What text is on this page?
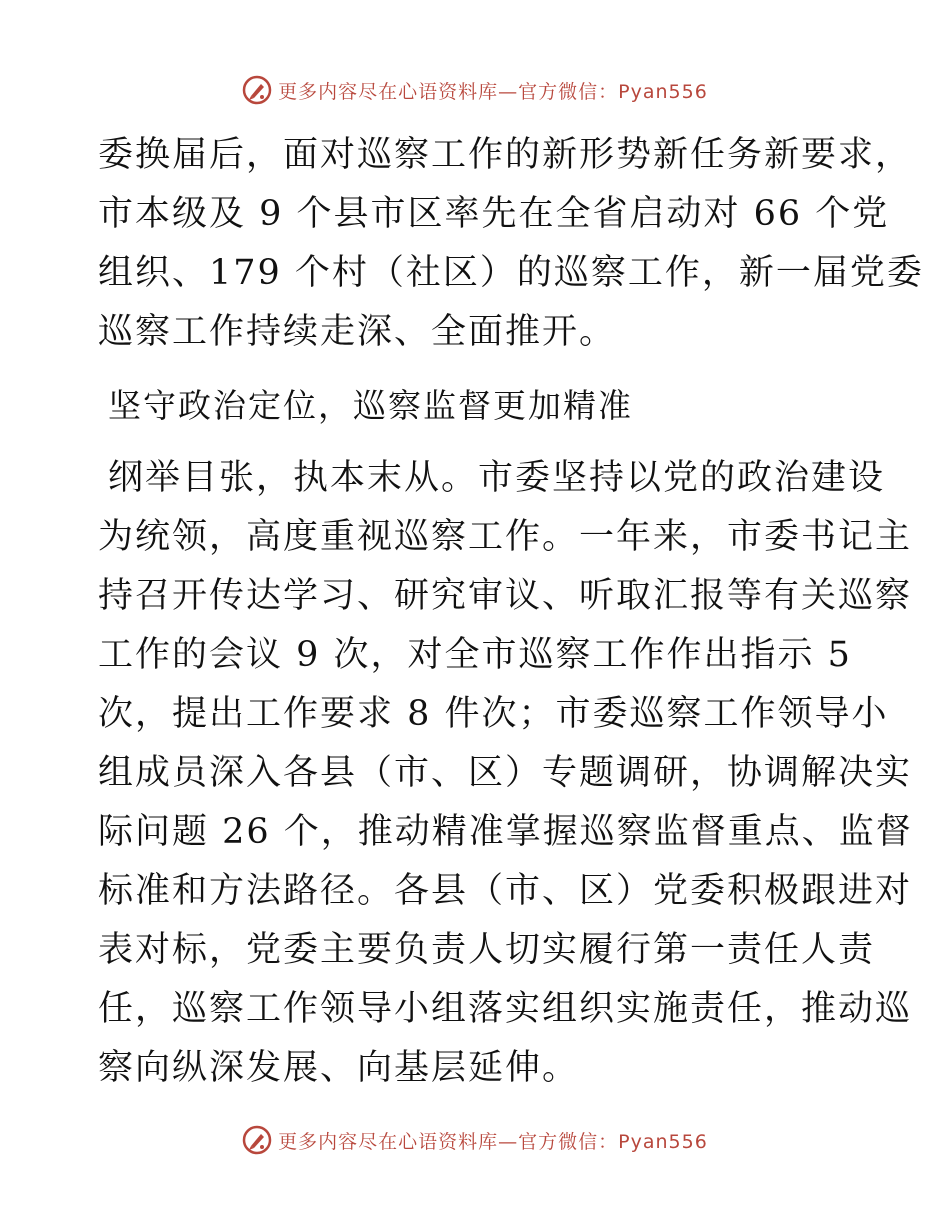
更多内容尽在心语资料库—官方微信：Pyan556
委换届后，面对巡察工作的新形势新任务新要求，
市本级及 9 个县市区率先在全省启动对 66 个党
组织、179 个村（社区）的巡察工作，新一届党委
巡察工作持续走深、全面推开。
坚守政治定位，巡察监督更加精准
纲举目张，执本末从。市委坚持以党的政治建设
为统领，高度重视巡察工作。一年来，市委书记主
持召开传达学习、研究审议、听取汇报等有关巡察
工作的会议 9 次，对全市巡察工作作出指示 5
次，提出工作要求 8 件次；市委巡察工作领导小
组成员深入各县（市、区）专题调研，协调解决实
际问题 26 个，推动精准掌握巡察监督重点、监督
标准和方法路径。各县（市、区）党委积极跟进对
表对标，党委主要负责人切实履行第一责任人责
任，巡察工作领导小组落实组织实施责任，推动巡
察向纵深发展、向基层延伸。
更多内容尽在心语资料库—官方微信：Pyan556
